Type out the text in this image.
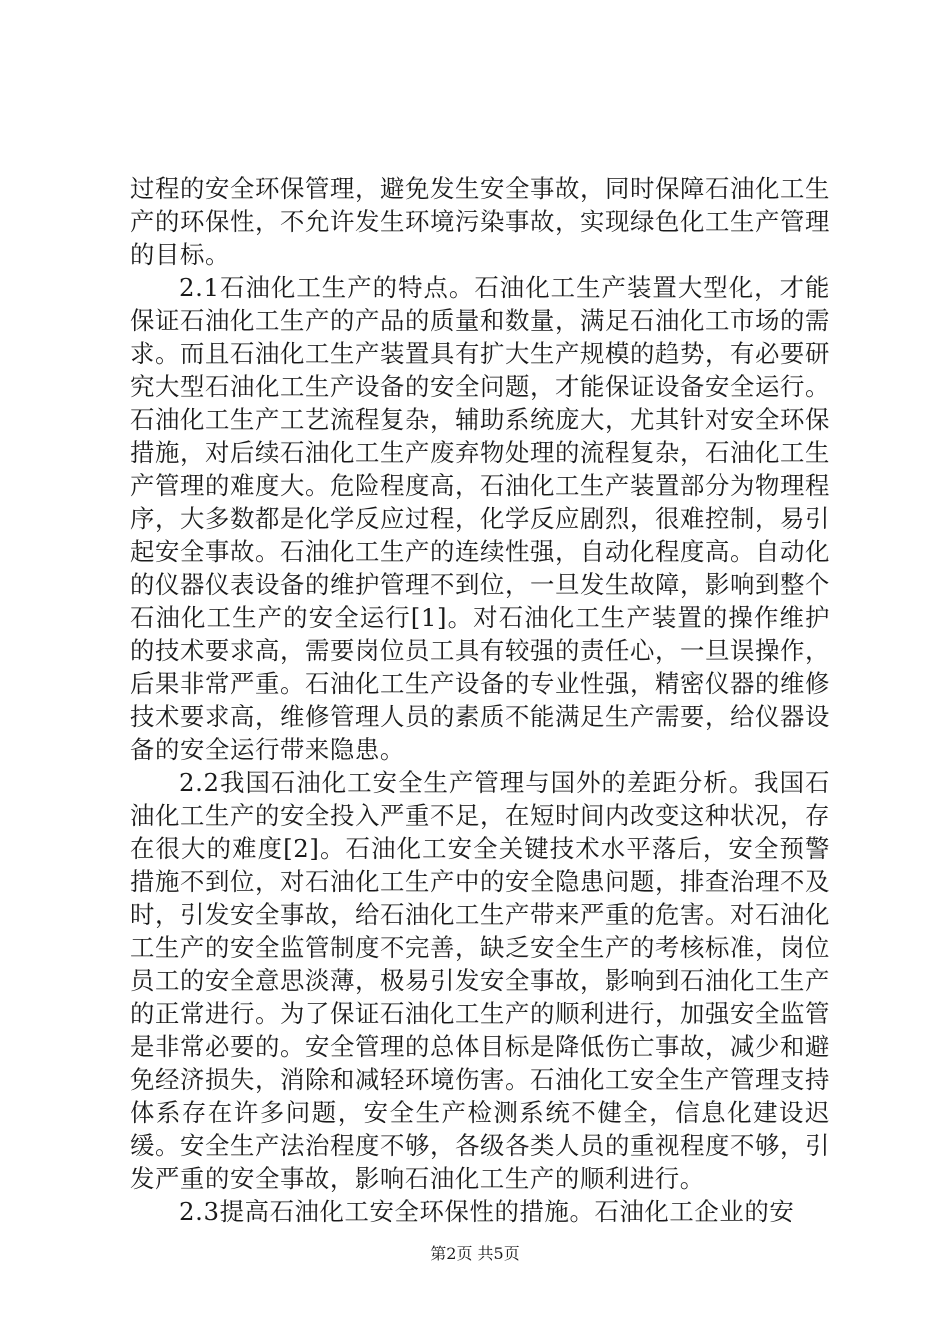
过程的安全环保管理，避免发生安全事故，同时保障石油化工生产的环保性，不允许发生环境污染事故，实现绿色化工生产管理的目标。

2.1石油化工生产的特点。石油化工生产装置大型化，才能保证石油化工生产的产品的质量和数量，满足石油化工市场的需求。而且石油化工生产装置具有扩大生产规模的趋势，有必要研究大型石油化工生产设备的安全问题，才能保证设备安全运行。石油化工生产工艺流程复杂，辅助系统庞大，尤其针对安全环保措施，对后续石油化工生产废弃物处理的流程复杂，石油化工生产管理的难度大。危险程度高，石油化工生产装置部分为物理程序，大多数都是化学反应过程，化学反应剧烈，很难控制，易引起安全事故。石油化工生产的连续性强，自动化程度高。自动化的仪器仪表设备的维护管理不到位，一旦发生故障，影响到整个石油化工生产的安全运行[1]。对石油化工生产装置的操作维护的技术要求高，需要岗位员工具有较强的责任心，一旦误操作，后果非常严重。石油化工生产设备的专业性强，精密仪器的维修技术要求高，维修管理人员的素质不能满足生产需要，给仪器设备的安全运行带来隐患。

2.2我国石油化工安全生产管理与国外的差距分析。我国石油化工生产的安全投入严重不足，在短时间内改变这种状况，存在很大的难度[2]。石油化工安全关键技术水平落后，安全预警措施不到位，对石油化工生产中的安全隐患问题，排查治理不及时，引发安全事故，给石油化工生产带来严重的危害。对石油化工生产的安全监管制度不完善，缺乏安全生产的考核标准，岗位员工的安全意思淡薄，极易引发安全事故，影响到石油化工生产的正常进行。为了保证石油化工生产的顺利进行，加强安全监管是非常必要的。安全管理的总体目标是降低伤亡事故，减少和避免经济损失，消除和减轻环境伤害。石油化工安全生产管理支持体系存在许多问题，安全生产检测系统不健全，信息化建设迟缓。安全生产法治程度不够，各级各类人员的重视程度不够，引发严重的安全事故，影响石油化工生产的顺利进行。

2.3提高石油化工安全环保性的措施。石油化工企业的安

第2页 共5页
